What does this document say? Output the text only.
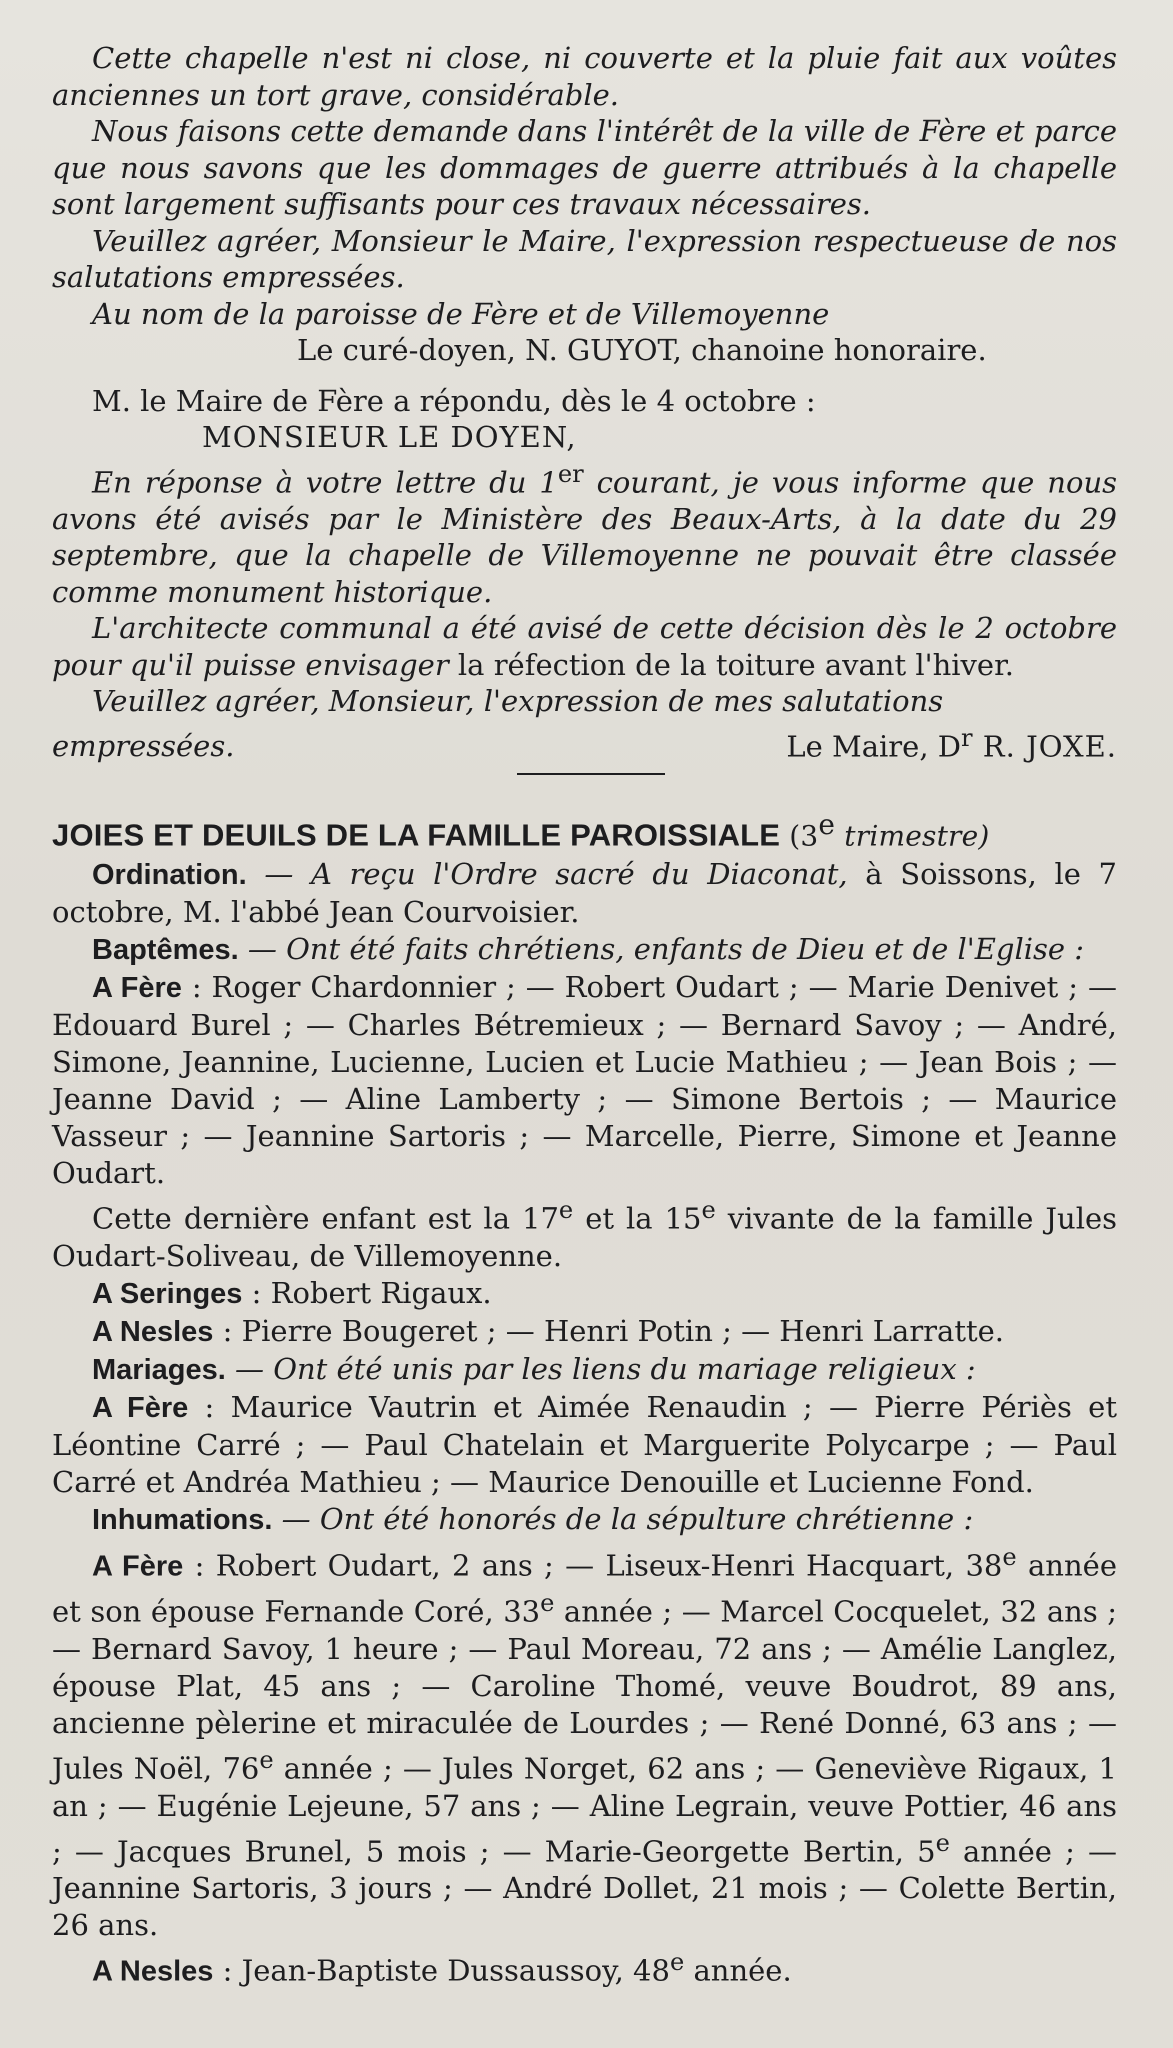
Cette chapelle n'est ni close, ni couverte et la pluie fait aux voûtes anciennes un tort grave, considérable.

Nous faisons cette demande dans l'intérêt de la ville de Fère et parce que nous savons que les dommages de guerre attribués à la chapelle sont largement suffisants pour ces travaux nécessaires.

Veuillez agréer, Monsieur le Maire, l'expression respectueuse de nos salutations empressées.

Au nom de la paroisse de Fère et de Villemoyenne

Le curé-doyen, N. GUYOT, chanoine honoraire.

M. le Maire de Fère a répondu, dès le 4 octobre :

MONSIEUR LE DOYEN,

En réponse à votre lettre du 1er courant, je vous informe que nous avons été avisés par le Ministère des Beaux-Arts, à la date du 29 septembre, que la chapelle de Villemoyenne ne pouvait être classée comme monument historique.

L'architecte communal a été avisé de cette décision dès le 2 octobre pour qu'il puisse envisager la réfection de la toiture avant l'hiver.

Veuillez agréer, Monsieur, l'expression de mes salutations

empressées.	Le Maire, $D^r$ R. JOXE.
JOIES ET DEUILS DE LA FAMILLE PAROISSIALE (3e trimestre)

Ordination. — A reçu l'Ordre sacré du Diaconat, à Soissons, le 7 octobre, M. l'abbé Jean Courvoisier.

Baptêmes. — Ont été faits chrétiens, enfants de Dieu et de l'Eglise :

A Fère : Roger Chardonnier ; — Robert Oudart ; — Marie Denivet ; — Edouard Burel ; — Charles Bétremieux ; — Bernard Savoy ; — André, Simone, Jeannine, Lucienne, Lucien et Lucie Mathieu ; — Jean Bois ; — Jeanne David ; — Aline Lamberty ; — Simone Bertois ; — Maurice Vasseur ; — Jeannine Sartoris ; — Marcelle, Pierre, Simone et Jeanne Oudart.

Cette dernière enfant est la 17e et la 15e vivante de la famille Jules Oudart-Soliveau, de Villemoyenne.

A Seringes : Robert Rigaux.

A Nesles : Pierre Bougeret ; — Henri Potin ; — Henri Larratte.

Mariages. — Ont été unis par les liens du mariage religieux :

A Fère : Maurice Vautrin et Aimée Renaudin ; — Pierre Périès et Léontine Carré ; — Paul Chatelain et Marguerite Polycarpe ; — Paul Carré et Andréa Mathieu ; — Maurice Denouille et Lucienne Fond.

Inhumations. — Ont été honorés de la sépulture chrétienne :

A Fère : Robert Oudart, 2 ans ; — Liseux-Henri Hacquart, 38e année et son épouse Fernande Coré, 33e année ; — Marcel Cocquelet, 32 ans ; — Bernard Savoy, 1 heure ; — Paul Moreau, 72 ans ; — Amélie Langlez, épouse Plat, 45 ans ; — Caroline Thomé, veuve Boudrot, 89 ans, ancienne pèlerine et miraculée de Lourdes ; — René Donné, 63 ans ; — Jules Noël, 76e année ; — Jules Norget, 62 ans ; — Geneviève Rigaux, 1 an ; — Eugénie Lejeune, 57 ans ; — Aline Legrain, veuve Pottier, 46 ans ; — Jacques Brunel, 5 mois ; — Marie-Georgette Bertin, 5e année ; — Jeannine Sartoris, 3 jours ; — André Dollet, 21 mois ; — Colette Bertin, 26 ans.

A Nesles : Jean-Baptiste Dussaussoy, 48e année.
